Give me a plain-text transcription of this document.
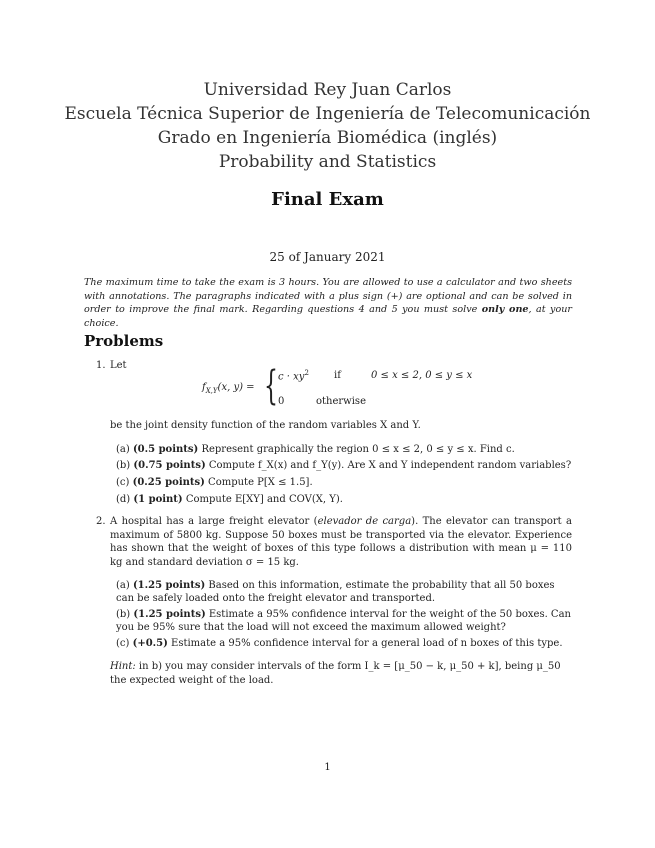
Universidad Rey Juan Carlos
Escuela Técnica Superior de Ingeniería de Telecomunicación
Grado en Ingeniería Biomédica (inglés)
Probability and Statistics
Final Exam
25 of January 2021
The maximum time to take the exam is 3 hours. You are allowed to use a calculator and two sheets with annotations. The paragraphs indicated with a plus sign (+) are optional and can be solved in order to improve the final mark. Regarding questions 4 and 5 you must solve only one, at your choice.
Problems
1. Let
$f_{X,Y}(x$, y) = { $c \cdot xy^2$	if	0 ≤ x ≤ 2, 0 ≤ y ≤ x
0	otherwise
be the joint density function of the random variables X and Y.
(a) (0.5 points) Represent graphically the region 0 ≤ x ≤ 2, 0 ≤ y ≤ x. Find c.
(b) (0.75 points) Compute f_X(x) and f_Y(y). Are X and Y independent random variables?
(c) (0.25 points) Compute P[X ≤ 1.5].
(d) (1 point) Compute E[XY] and COV(X, Y).
2. A hospital has a large freight elevator (elevador de carga). The elevator can transport a maximum of 5800 kg. Suppose 50 boxes must be transported via the elevator. Experience has shown that the weight of boxes of this type follows a distribution with mean μ = 110 kg and standard deviation σ = 15 kg.
(a) (1.25 points) Based on this information, estimate the probability that all 50 boxes can be safely loaded onto the freight elevator and transported.
(b) (1.25 points) Estimate a 95% confidence interval for the weight of the 50 boxes. Can you be 95% sure that the load will not exceed the maximum allowed weight?
(c) (+0.5) Estimate a 95% confidence interval for a general load of n boxes of this type.
Hint: in b) you may consider intervals of the form I_k = [μ_50 − k, μ_50 + k], being μ_50 the expected weight of the load.
1
